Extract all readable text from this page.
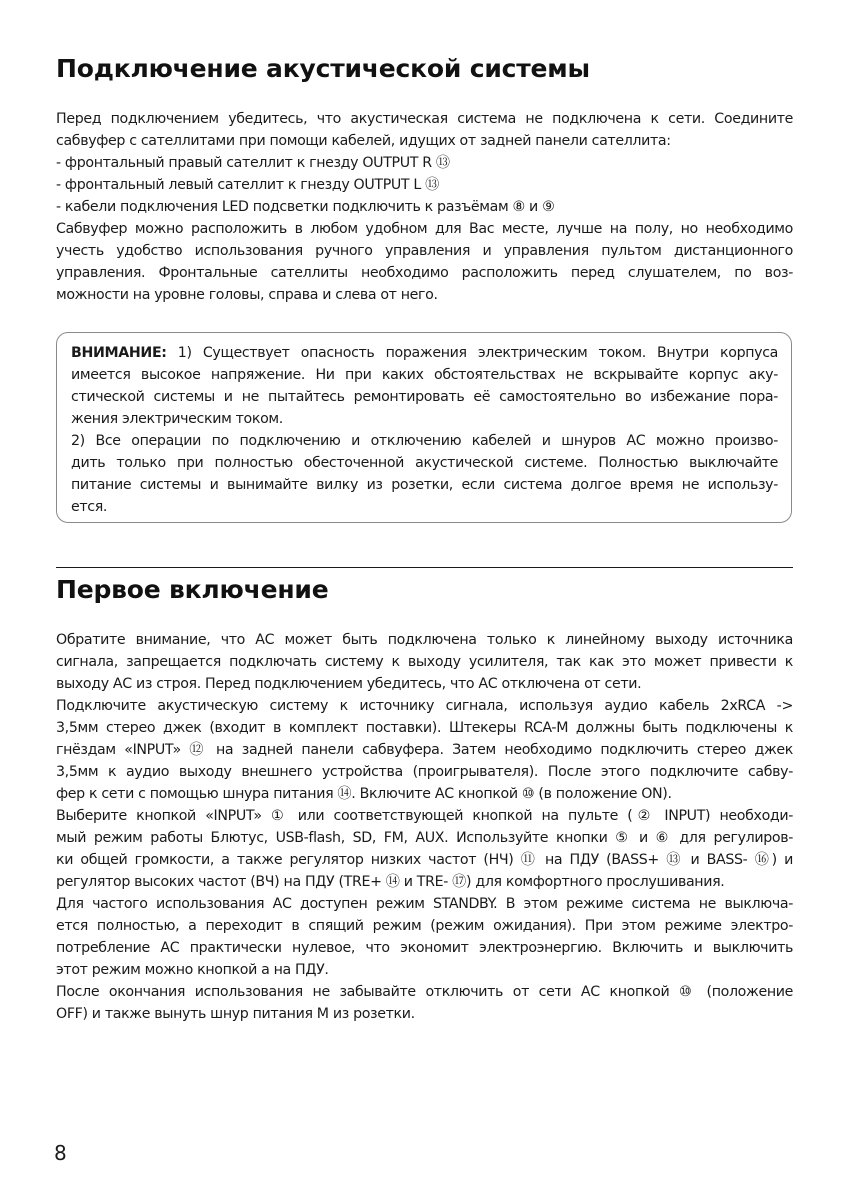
Подключение акустической системы
Перед подключением убедитесь, что акустическая система не подключена к сети. Соедините
сабвуфер с сателлитами при помощи кабелей, идущих от задней панели сателлита:
- фронтальный правый сателлит к гнезду OUTPUT R ⑬
- фронтальный левый сателлит к гнезду OUTPUT L ⑬
- кабели подключения LED подсветки подключить к разъёмам ⑧ и ⑨
Сабвуфер можно расположить в любом удобном для Вас месте, лучше на полу, но необходимо
учесть удобство использования ручного управления и управления пультом дистанционного
управления. Фронтальные сателлиты необходимо расположить перед слушателем, по воз-
можности на уровне головы, справа и слева от него.
ВНИМАНИЕ: 1) Существует опасность поражения электрическим током. Внутри корпуса
имеется высокое напряжение. Ни при каких обстоятельствах не вскрывайте корпус аку-
стической системы и не пытайтесь ремонтировать её самостоятельно во избежание пора-
жения электрическим током.
2) Все операции по подключению и отключению кабелей и шнуров АС можно произво-
дить только при полностью обесточенной акустической системе. Полностью выключайте
питание системы и вынимайте вилку из розетки, если система долгое время не использу-
ется.
Первое включение
Обратите внимание, что АС может быть подключена только к линейному выходу источника
сигнала, запрещается подключать систему к выходу усилителя, так как это может привести к
выходу АС из строя. Перед подключением убедитесь, что АС отключена от сети.
Подключите акустическую систему к источнику сигнала, используя аудио кабель 2xRCA ->
3,5мм стерео джек (входит в комплект поставки). Штекеры RCA-M должны быть подключены к
гнёздам «INPUT» ⑫ на задней панели сабвуфера. Затем необходимо подключить стерео джек
3,5мм к аудио выходу внешнего устройства (проигрывателя). После этого подключите сабву-
фер к сети с помощью шнура питания ⑭. Включите АС кнопкой ⑩ (в положение ON).
Выберите кнопкой «INPUT» ① или соответствующей кнопкой на пульте (② INPUT) необходи-
мый режим работы Блютус, USB-flash, SD, FM, AUX. Используйте кнопки ⑤ и ⑥ для регулиров-
ки общей громкости, а также регулятор низких частот (НЧ) ⑪ на ПДУ (BASS+ ⑬ и BASS- ⑯) и
регулятор высоких частот (ВЧ) на ПДУ (TRE+ ⑭ и TRE- ⑰) для комфортного прослушивания.
Для частого использования АС доступен режим STANDBY. В этом режиме система не выключа-
ется полностью, а переходит в спящий режим (режим ожидания). При этом режиме электро-
потребление АС практически нулевое, что экономит электроэнергию. Включить и выключить
этот режим можно кнопкой a на ПДУ.
После окончания использования не забывайте отключить от сети АС кнопкой ⑩ (положение
OFF) и также вынуть шнур питания M из розетки.
8
